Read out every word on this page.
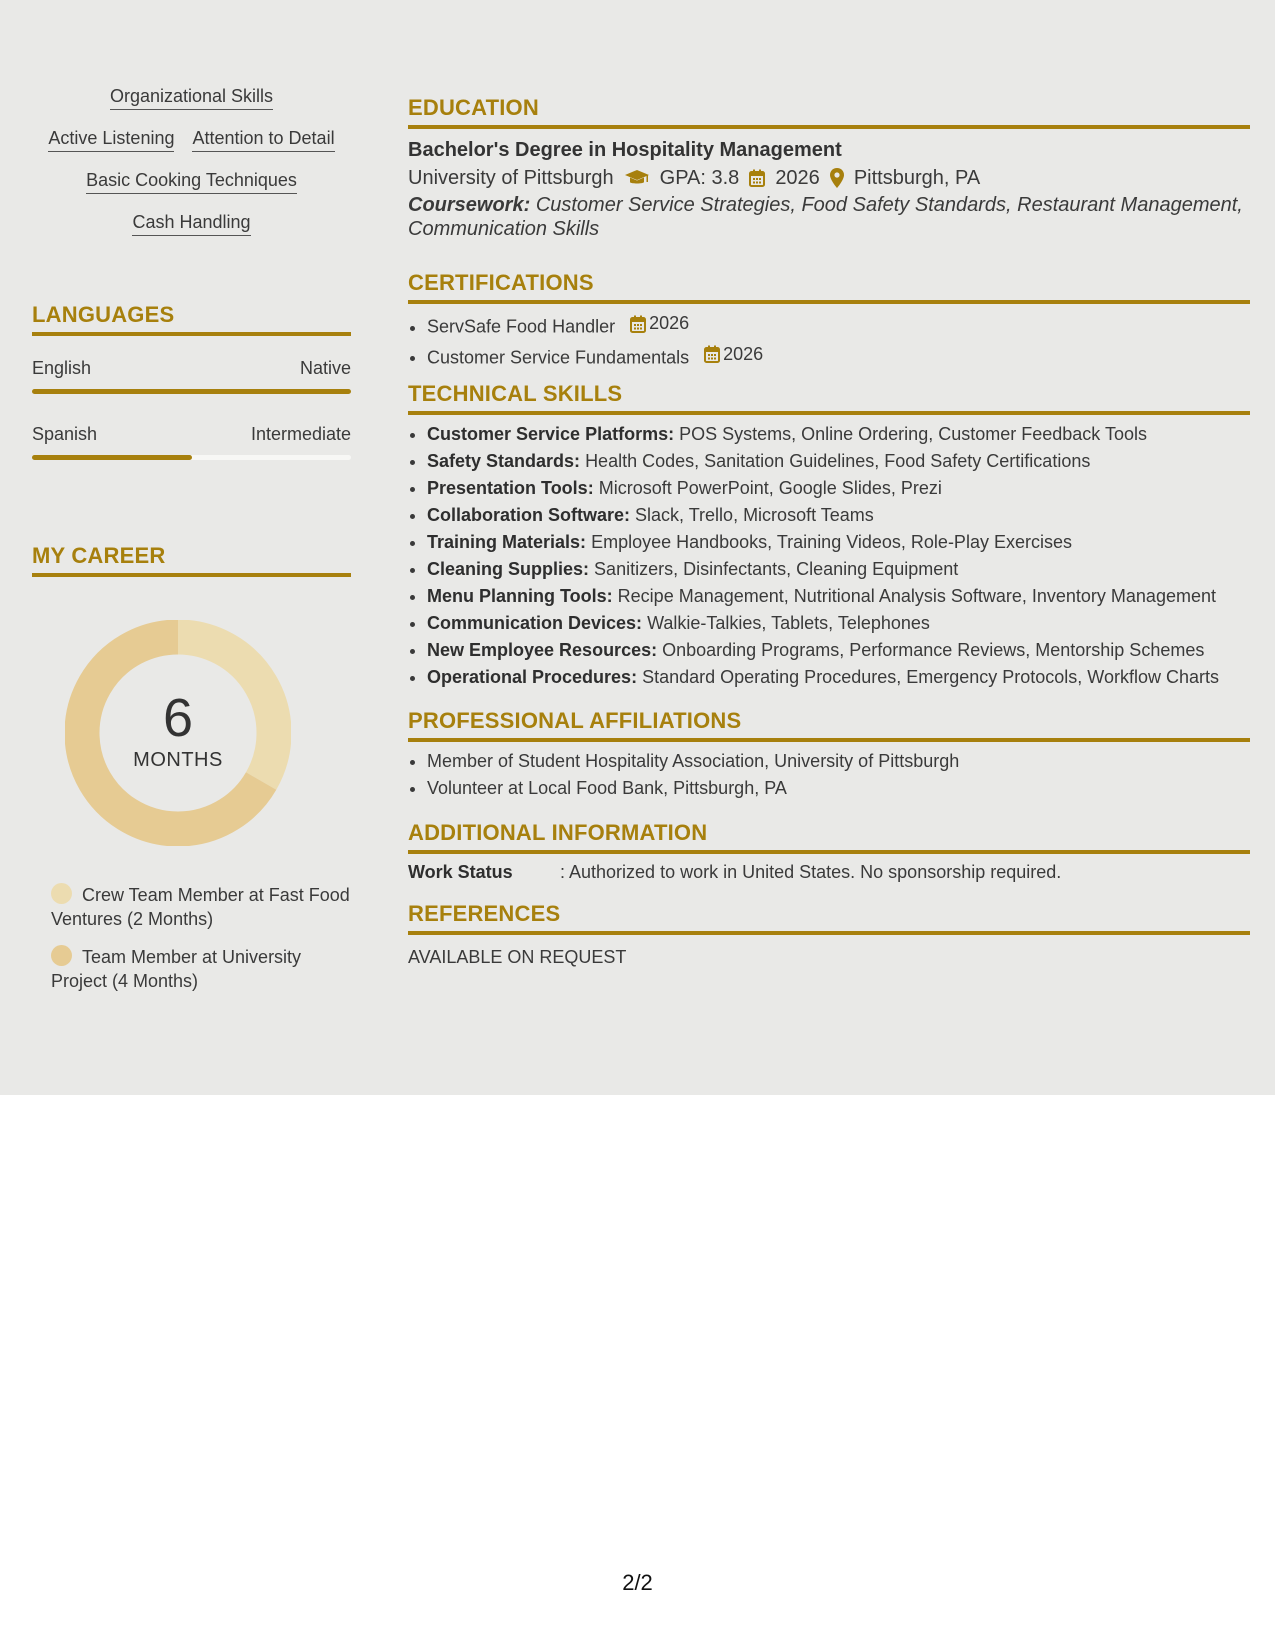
Organizational Skills
Active Listening Attention to Detail
Basic Cooking Techniques
Cash Handling
LANGUAGES
English	Native
Spanish	Intermediate
MY CAREER
6
MONTHS
Crew Team Member at Fast Food Ventures (2 Months)
Team Member at University Project (4 Months)
EDUCATION
Bachelor's Degree in Hospitality Management
University of Pittsburgh GPA: 3.8 2026 Pittsburgh, PA
Coursework: Customer Service Strategies, Food Safety Standards, Restaurant Management, Communication Skills
CERTIFICATIONS
• ServSafe Food Handler 2026
• Customer Service Fundamentals 2026
TECHNICAL SKILLS
• Customer Service Platforms: POS Systems, Online Ordering, Customer Feedback Tools
• Safety Standards: Health Codes, Sanitation Guidelines, Food Safety Certifications
• Presentation Tools: Microsoft PowerPoint, Google Slides, Prezi
• Collaboration Software: Slack, Trello, Microsoft Teams
• Training Materials: Employee Handbooks, Training Videos, Role-Play Exercises
• Cleaning Supplies: Sanitizers, Disinfectants, Cleaning Equipment
• Menu Planning Tools: Recipe Management, Nutritional Analysis Software, Inventory Management
• Communication Devices: Walkie-Talkies, Tablets, Telephones
• New Employee Resources: Onboarding Programs, Performance Reviews, Mentorship Schemes
• Operational Procedures: Standard Operating Procedures, Emergency Protocols, Workflow Charts
PROFESSIONAL AFFILIATIONS
• Member of Student Hospitality Association, University of Pittsburgh
• Volunteer at Local Food Bank, Pittsburgh, PA
ADDITIONAL INFORMATION
Work Status	: Authorized to work in United States. No sponsorship required.
REFERENCES
AVAILABLE ON REQUEST
2/2
